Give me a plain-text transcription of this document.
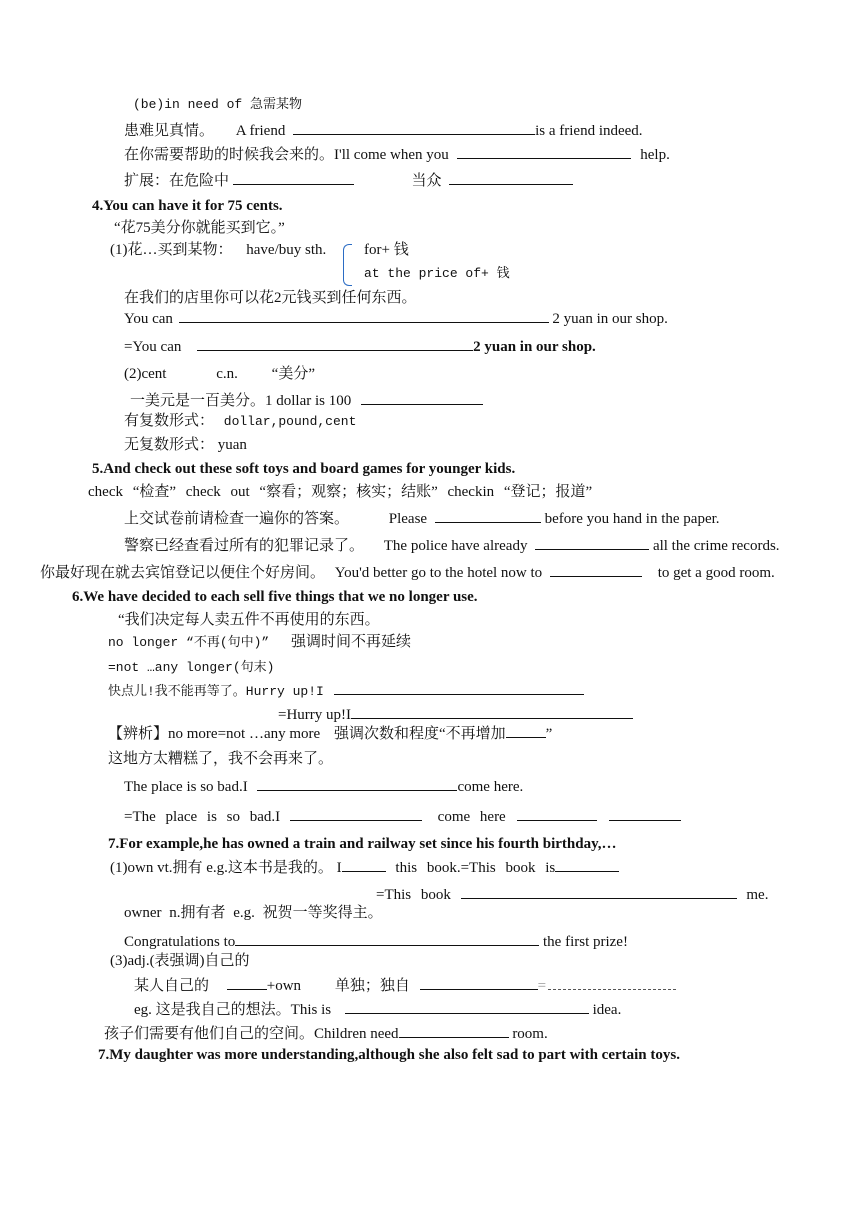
(be)in need of 急需某物
患难见真情。 A friend	is a friend indeed.
在你需要帮助的时候我会来的。I'll come when you	help.
扩展：在危险中	当众
4.You can have it for 75 cents.
“花75美分你就能买到它。”
(1)花…买到某物： have/buy sth.	for+ 钱
at the price of+ 钱
在我们的店里你可以花2元钱买到任何东西。
You can	2 yuan in our shop.
=You can	2 yuan in our shop.
(2)cent	c.n. “美分”
一美元是一百美分。1 dollar is 100
有复数形式： dollar,pound,cent
无复数形式： yuan
5.And check out these soft toys and board games for younger kids.
check “检查” check out “察看；观察；核实；结账” checkin “登记；报道”
上交试卷前请检查一遍你的答案。	Please	before you hand in the paper.
警察已经查看过所有的犯罪记录了。 The police have already	all the crime records.
你最好现在就去宾馆登记以便住个好房间。 You'd better go to the hotel now to	to get a good room.
6.We have decided to each sell five things that we no longer use.
“我们决定每人卖五件不再使用的东西。
no longer “不再(句中)” 强调时间不再延续
=not …any longer(句末)
快点儿!我不能再等了。Hurry up!I
=Hurry up!I
【辨析】no more=not …any more 强调次数和程度“不再增加	”
这地方太糟糕了，我不会再来了。
The place is so bad.I	come here.
=The place is so bad.I	come here
7.For example,he has owned a train and railway set since his fourth birthday,…
(1)own vt.拥有 e.g.这本书是我的。 I	this book.=This book is
=This book	me.
owner n.拥有者 e.g. 祝贺一等奖得主。
Congratulations to	the first prize!
(3)adj.(表强调)自己的
某人自己的	+own 单独；独自	=
eg. 这是我自己的想法。This is	idea.
孩子们需要有他们自己的空间。Children need	room.
7.My daughter was more understanding,although she also felt sad to part with certain toys.
